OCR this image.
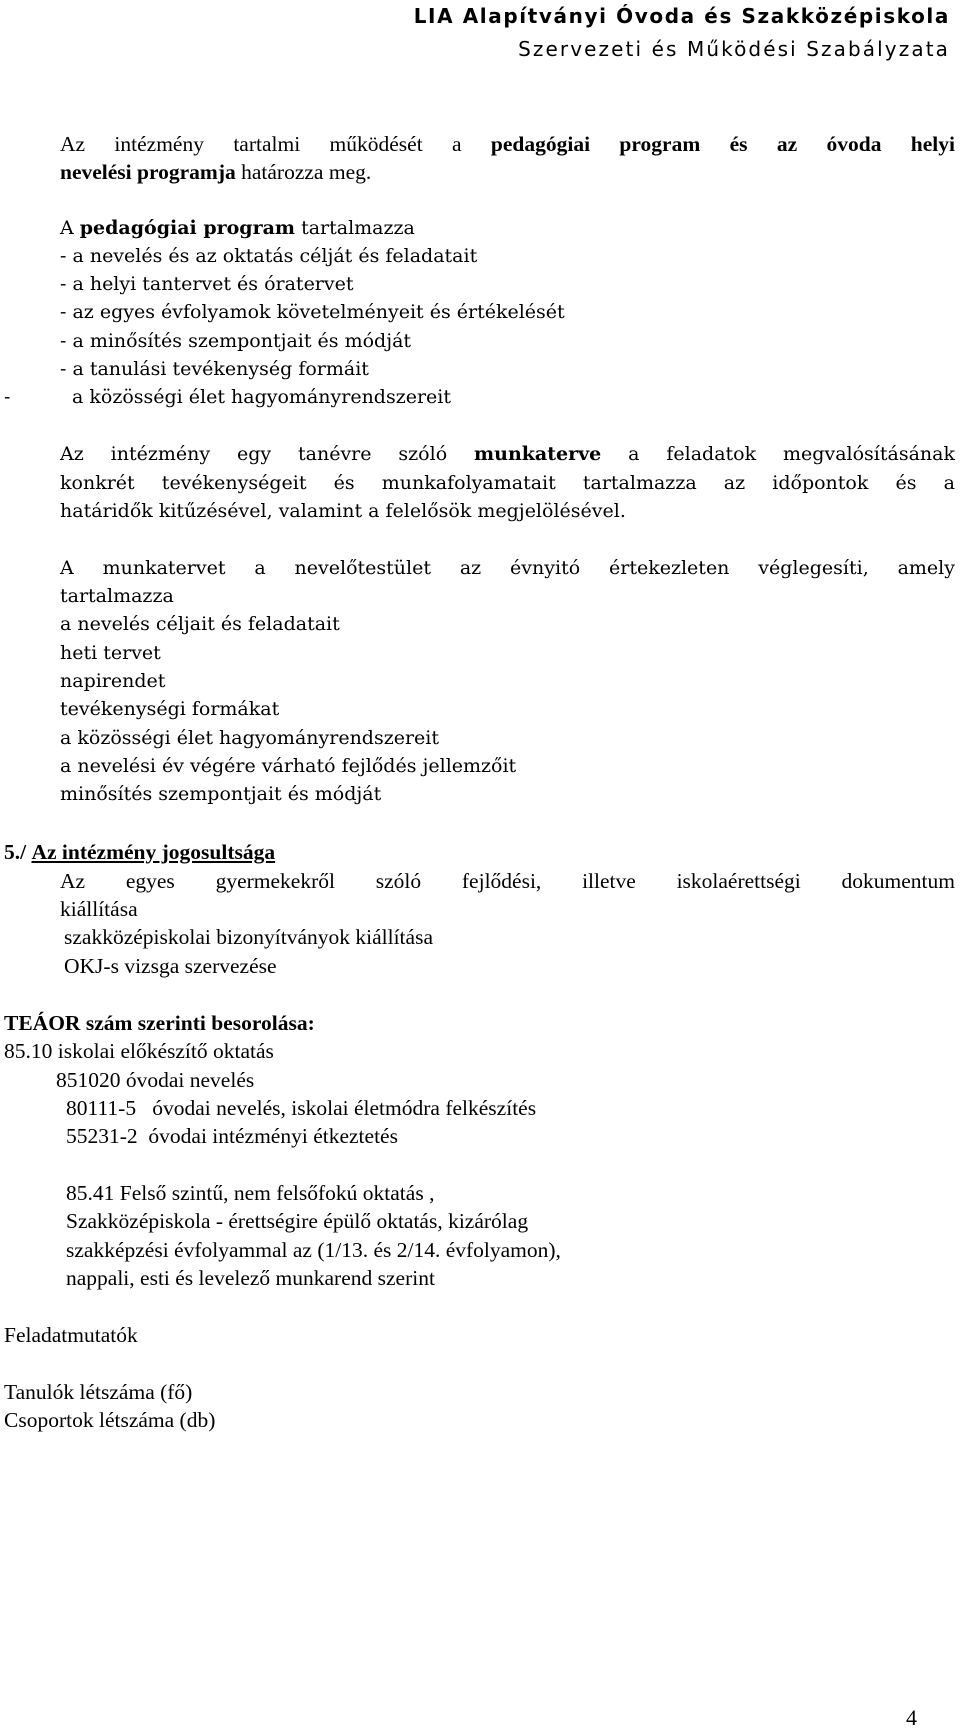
LIA Alapítványi Óvoda és Szakközépiskola
Szervezeti és Működési Szabályzata
Az intézmény tartalmi működését a pedagógiai program és az óvoda helyi
nevelési programja határozza meg.
A pedagógiai program tartalmazza
- a nevelés és az oktatás célját és feladatait
- a helyi tantervet és óratervet
- az egyes évfolyamok követelményeit és értékelését
- a minősítés szempontjait és módját
- a tanulási tevékenység formáit
-	a közösségi élet hagyományrendszereit
Az intézmény egy tanévre szóló munkaterve a feladatok megvalósításának
konkrét tevékenységeit és munkafolyamatait tartalmazza az időpontok és a
határidők kitűzésével, valamint a felelősök megjelölésével.
A munkatervet a nevelőtestület az évnyitó értekezleten véglegesíti, amely
tartalmazza
a nevelés céljait és feladatait
heti tervet
napirendet
tevékenységi formákat
a közösségi élet hagyományrendszereit
a nevelési év végére várható fejlődés jellemzőit
minősítés szempontjait és módját
5./ Az intézmény jogosultsága
Az egyes gyermekekről szóló fejlődési, illetve iskolaérettségi dokumentum
kiállítása
szakközépiskolai bizonyítványok kiállítása
OKJ-s vizsga szervezése
TEÁOR szám szerinti besorolása:
85.10 iskolai előkészítő oktatás
851020 óvodai nevelés
80111-5   óvodai nevelés, iskolai életmódra felkészítés
55231-2  óvodai intézményi étkeztetés
85.41 Felső szintű, nem felsőfokú oktatás ,
Szakközépiskola - érettségire épülő oktatás, kizárólag
szakképzési évfolyammal az (1/13. és 2/14. évfolyamon),
nappali, esti és levelező munkarend szerint
Feladatmutatók
Tanulók létszáma (fő)
Csoportok létszáma (db)
4
